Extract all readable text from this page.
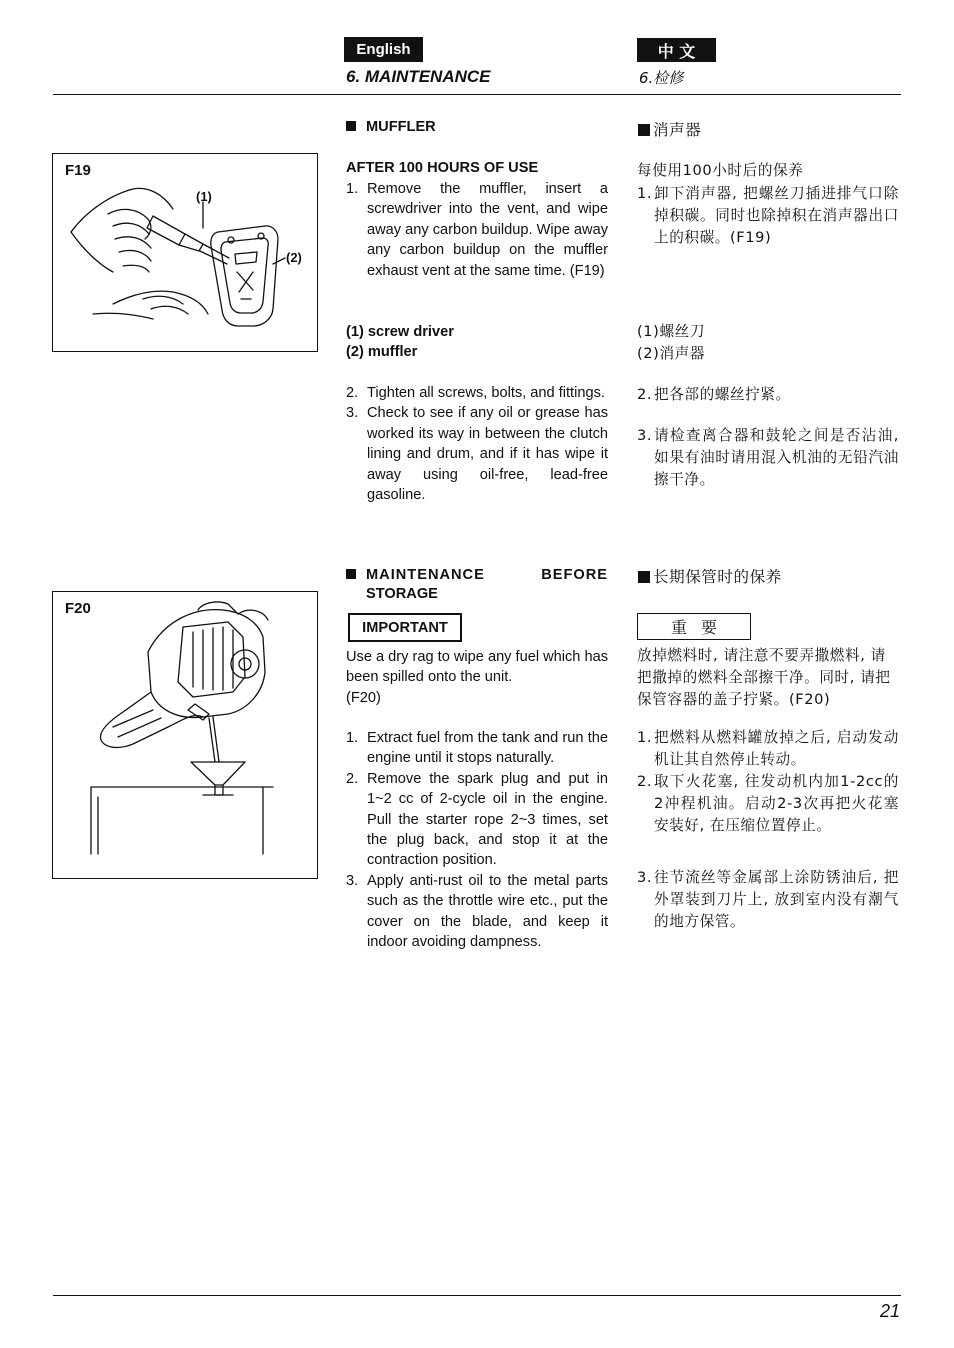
English	中 文
6. MAINTENANCE	6.检修
F19
(1)
(2)
MUFFLER
AFTER 100 HOURS OF USE
1. Remove the muffler, insert a screwdriver into the vent, and wipe away any carbon buildup. Wipe away any carbon buildup on the muffler exhaust vent at the same time. (F19)
(1) screw driver
(2) muffler
2. Tighten all screws, bolts, and fittings.
3. Check to see if any oil or grease has worked its way in between the clutch lining and drum, and if it has wipe it away using oil-free, lead-free gasoline.
消声器
每使用100小时后的保养
1. 卸下消声器, 把螺丝刀插进排气口除掉积碳。同时也除掉积在消声器出口上的积碳。(F19)
(1)螺丝刀
(2)消声器
2. 把各部的螺丝拧紧。
3. 请检查离合器和鼓轮之间是否沾油, 如果有油时请用混入机油的无铅汽油擦干净。
F20
MAINTENANCE	BEFORE
STORAGE
IMPORTANT
Use a dry rag to wipe any fuel which has been spilled onto the unit.
(F20)
1. Extract fuel from the tank and run the engine until it stops naturally.
2. Remove the spark plug and put in 1~2 cc of 2-cycle oil in the engine. Pull the starter rope 2~3 times, set the plug back, and stop it at the contraction position.
3. Apply anti-rust oil to the metal parts such as the throttle wire etc., put the cover on the blade, and keep it indoor avoiding dampness.
长期保管时的保养
重要
放掉燃料时, 请注意不要弄撒燃料, 请把撒掉的燃料全部擦干净。同时, 请把保管容器的盖子拧紧。(F20)
1. 把燃料从燃料罐放掉之后, 启动发动机让其自然停止转动。
2. 取下火花塞, 往发动机内加1-2cc的2冲程机油。启动2-3次再把火花塞安装好, 在压缩位置停止。
3. 往节流丝等金属部上涂防锈油后, 把外罩装到刀片上, 放到室内没有潮气的地方保管。
21
